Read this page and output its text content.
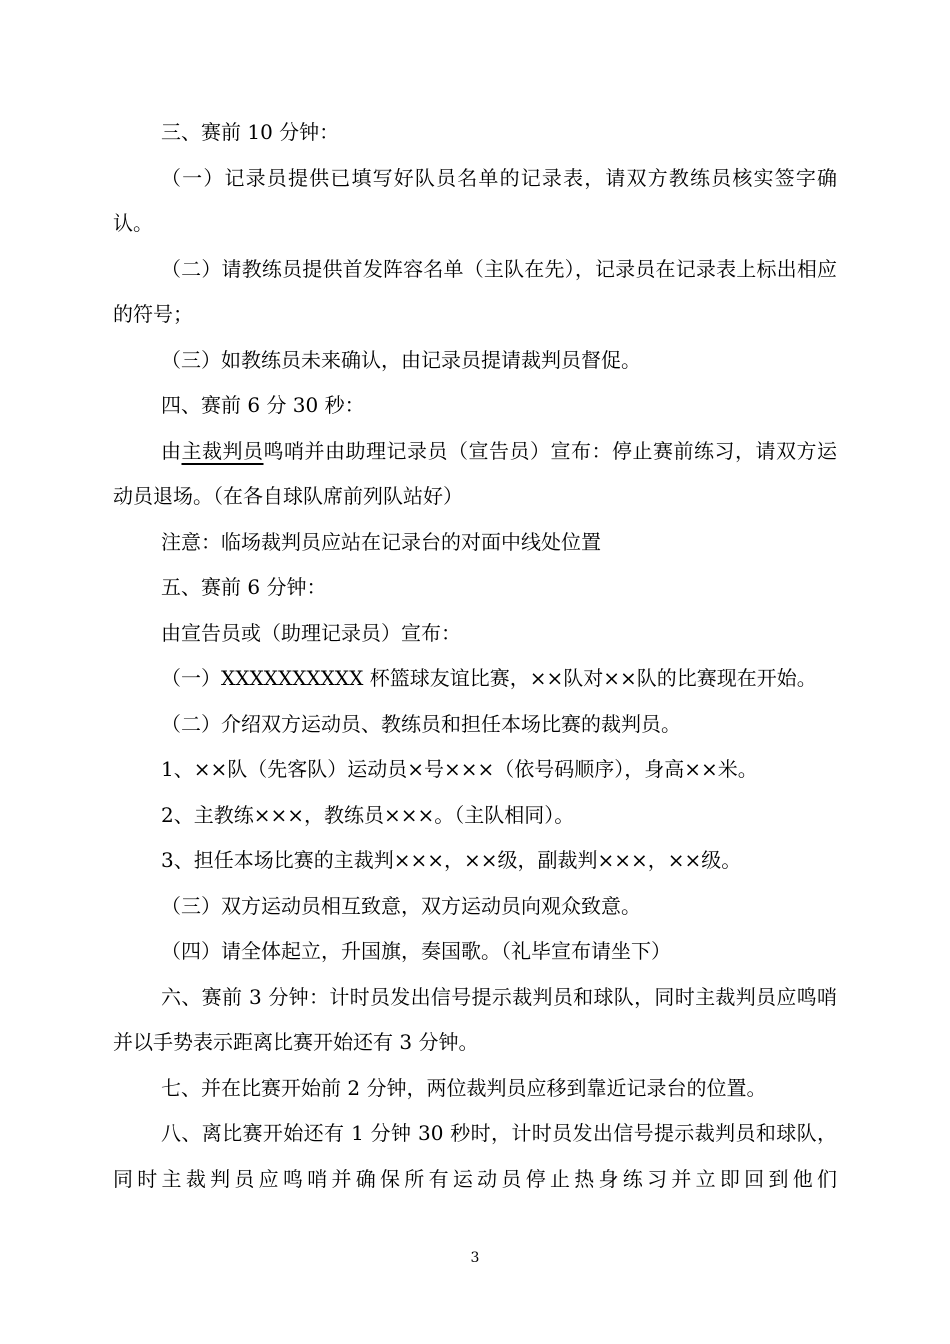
三、赛前 10 分钟：

（一）记录员提供已填写好队员名单的记录表，请双方教练员核实签字确认。

（二）请教练员提供首发阵容名单（主队在先），记录员在记录表上标出相应的符号；

（三）如教练员未来确认，由记录员提请裁判员督促。

四、赛前 6 分 30 秒：

由主裁判员鸣哨并由助理记录员（宣告员）宣布：停止赛前练习，请双方运动员退场。（在各自球队席前列队站好）

注意：临场裁判员应站在记录台的对面中线处位置

五、赛前 6 分钟：

由宣告员或（助理记录员）宣布：

（一）XXXXXXXXXX 杯篮球友谊比赛，××队对××队的比赛现在开始。

（二）介绍双方运动员、教练员和担任本场比赛的裁判员。

1、××队（先客队）运动员×号×××（依号码顺序），身高××米。

2、主教练×××，教练员×××。（主队相同）。

3、担任本场比赛的主裁判×××，××级，副裁判×××，××级。

（三）双方运动员相互致意，双方运动员向观众致意。

（四）请全体起立，升国旗，奏国歌。（礼毕宣布请坐下）

六、赛前 3 分钟：计时员发出信号提示裁判员和球队，同时主裁判员应鸣哨并以手势表示距离比赛开始还有 3 分钟。

七、并在比赛开始前 2 分钟，两位裁判员应移到靠近记录台的位置。

八、离比赛开始还有 1 分钟 30 秒时，计时员发出信号提示裁判员和球队，同时主裁判员应鸣哨并确保所有运动员停止热身练习并立即回到他们

3
